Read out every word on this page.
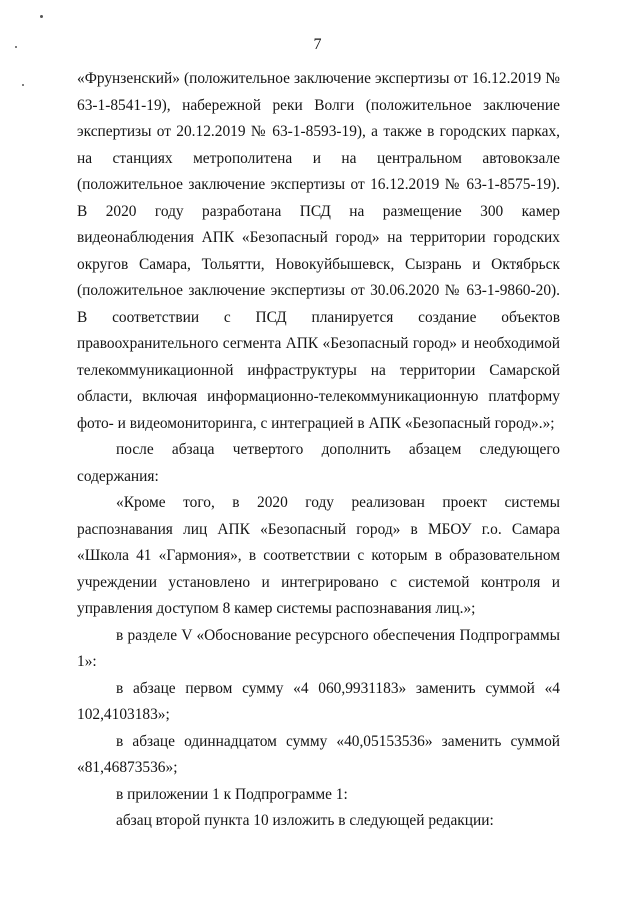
7

«Фрунзенский» (положительное заключение экспертизы от 16.12.2019 № 63-1-8541-19), набережной реки Волги (положительное заключение экспертизы от 20.12.2019 № 63-1-8593-19), а также в городских парках, на станциях метрополитена и на центральном автовокзале (положительное заключение экспертизы от 16.12.2019 № 63-1-8575-19). В 2020 году разработана ПСД на размещение 300 камер видеонаблюдения АПК «Безопасный город» на территории городских округов Самара, Тольятти, Новокуйбышевск, Сызрань и Октябрьск (положительное заключение экспертизы от 30.06.2020 № 63-1-9860-20). В соответствии с ПСД планируется создание объектов правоохранительного сегмента АПК «Безопасный город» и необходимой телекоммуникационной инфраструктуры на территории Самарской области, включая информационно-телекоммуникационную платформу фото- и видеомониторинга, с интеграцией в АПК «Безопасный город».»;

после абзаца четвертого дополнить абзацем следующего содержания:

«Кроме того, в 2020 году реализован проект системы распознавания лиц АПК «Безопасный город» в МБОУ г.о. Самара «Школа 41 «Гармония», в соответствии с которым в образовательном учреждении установлено и интегрировано с системой контроля и управления доступом 8 камер системы распознавания лиц.»;

в разделе V «Обоснование ресурсного обеспечения Подпрограммы 1»:

в абзаце первом сумму «4 060,9931183» заменить суммой «4 102,4103183»;

в абзаце одиннадцатом сумму «40,05153536» заменить суммой «81,46873536»;

в приложении 1 к Подпрограмме 1:

абзац второй пункта 10 изложить в следующей редакции:
